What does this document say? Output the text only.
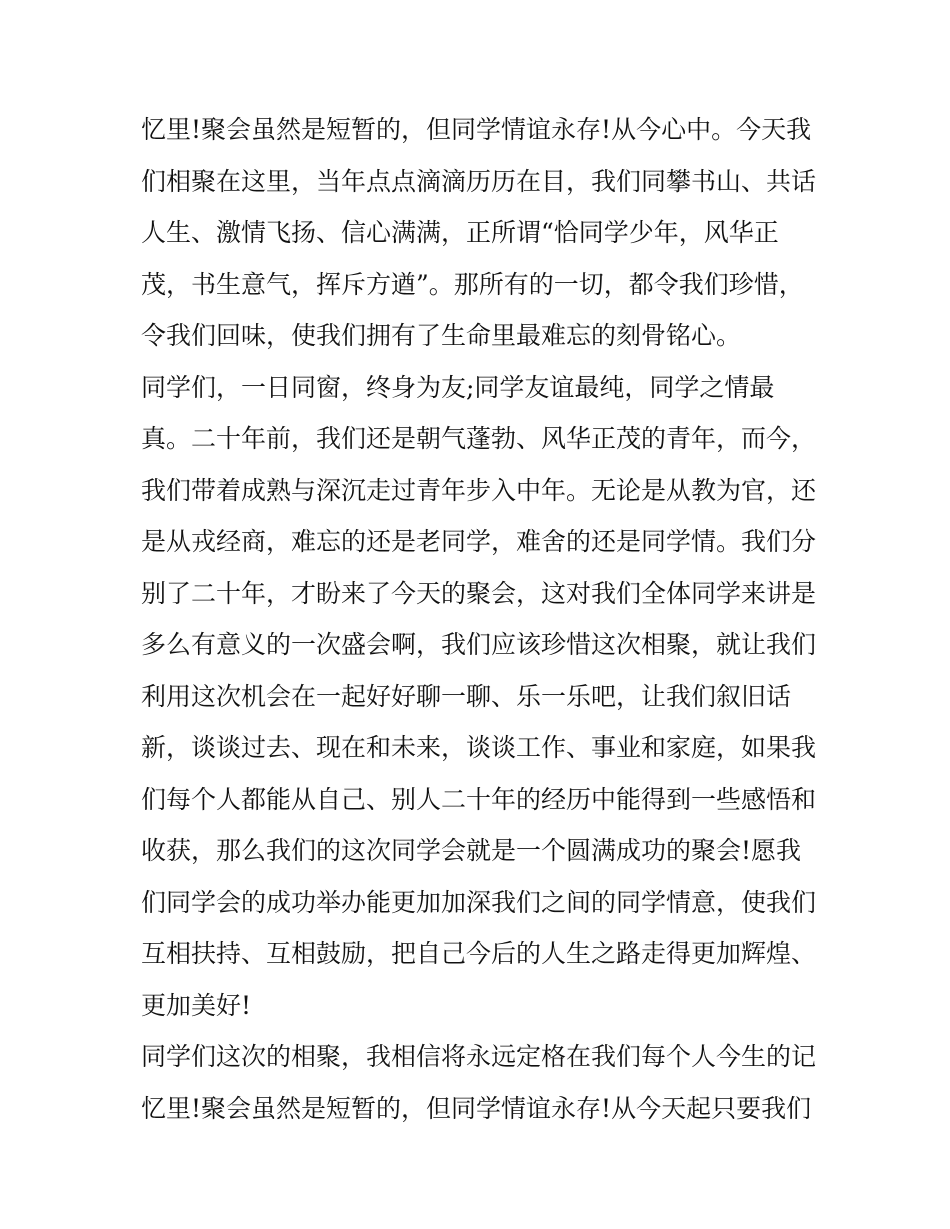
忆里!聚会虽然是短暂的，但同学情谊永存!从今心中。今天我
们相聚在这里，当年点点滴滴历历在目，我们同攀书山、共话
人生、激情飞扬、信心满满，正所谓“恰同学少年，风华正
茂，书生意气，挥斥方遒”。那所有的一切，都令我们珍惜，
令我们回味，使我们拥有了生命里最难忘的刻骨铭心。
同学们，一日同窗，终身为友;同学友谊最纯，同学之情最
真。二十年前，我们还是朝气蓬勃、风华正茂的青年，而今，
我们带着成熟与深沉走过青年步入中年。无论是从教为官，还
是从戎经商，难忘的还是老同学，难舍的还是同学情。我们分
别了二十年，才盼来了今天的聚会，这对我们全体同学来讲是
多么有意义的一次盛会啊，我们应该珍惜这次相聚，就让我们
利用这次机会在一起好好聊一聊、乐一乐吧，让我们叙旧话
新，谈谈过去、现在和未来，谈谈工作、事业和家庭，如果我
们每个人都能从自己、别人二十年的经历中能得到一些感悟和
收获，那么我们的这次同学会就是一个圆满成功的聚会!愿我
们同学会的成功举办能更加加深我们之间的同学情意，使我们
互相扶持、互相鼓励，把自己今后的人生之路走得更加辉煌、
更加美好!
同学们这次的相聚，我相信将永远定格在我们每个人今生的记
忆里!聚会虽然是短暂的，但同学情谊永存!从今天起只要我们
